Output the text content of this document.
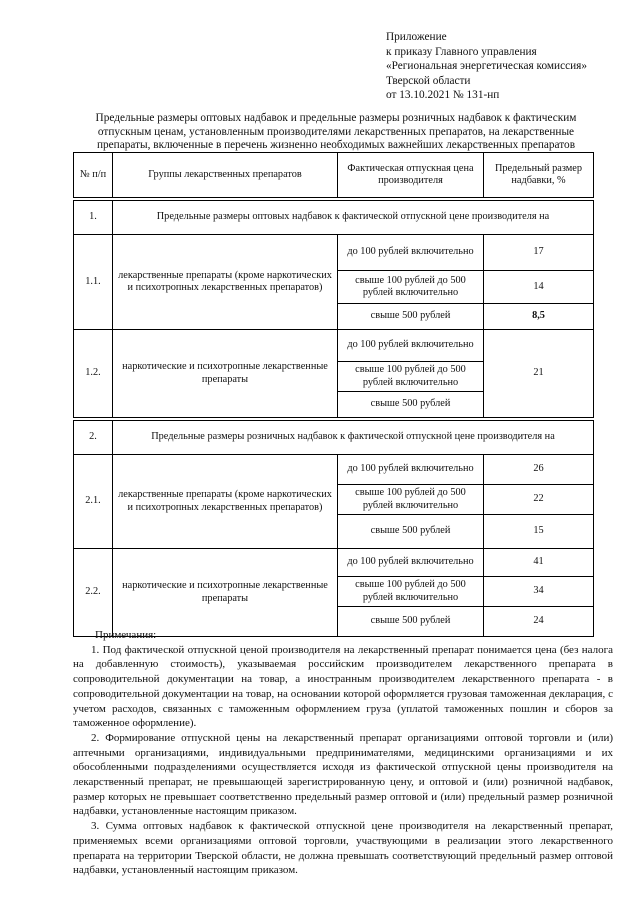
Приложение
к приказу Главного управления
«Региональная энергетическая комиссия»
Тверской области
от 13.10.2021 № 131-нп
Предельные размеры оптовых надбавок и предельные размеры розничных надбавок к фактическим
отпускным ценам, установленным производителями лекарственных препаратов, на лекарственные
препараты, включенные в перечень жизненно необходимых важнейших лекарственных препаратов
№ п/п	Группы лекарственных препаратов	Фактическая отпускная цена производителя	Предельный размер надбавки, %

1.	Предельные размеры оптовых надбавок к фактической отпускной цене производителя на		
1.1.	лекарственные препараты (кроме наркотических и психотропных лекарственных препаратов)	до 100 рублей включительно	17
		свыше 100 рублей до 500 рублей включительно	14
		свыше 500 рублей	8,5
1.2.	наркотические и психотропные лекарственные препараты	до 100 рублей включительно	21
		свыше 100 рублей до 500 рублей включительно	
		свыше 500 рублей	

2.	Предельные размеры розничных надбавок к фактической отпускной цене производителя на		
2.1.	лекарственные препараты (кроме наркотических и психотропных лекарственных препаратов)	до 100 рублей включительно	26
		свыше 100 рублей до 500 рублей включительно	22
		свыше 500 рублей	15
2.2.	наркотические и психотропные лекарственные препараты	до 100 рублей включительно	41
		свыше 100 рублей до 500 рублей включительно	34
		свыше 500 рублей	24

Примечания:

1. Под фактической отпускной ценой производителя на лекарственный препарат понимается цена (без налога на добавленную стоимость), указываемая российским производителем лекарственного препарата в сопроводительной документации на товар, а иностранным производителем лекарственного препарата - в сопроводительной документации на товар, на основании которой оформляется грузовая таможенная декларация, с учетом расходов, связанных с таможенным оформлением груза (уплатой таможенных пошлин и сборов за таможенное оформление).

2. Формирование отпускной цены на лекарственный препарат организациями оптовой торговли и (или) аптечными организациями, индивидуальными предпринимателями, медицинскими организациями и их обособленными подразделениями осуществляется исходя из фактической отпускной цены производителя на лекарственный препарат, не превышающей зарегистрированную цену, и оптовой и (или) розничной надбавок, размер которых не превышает соответственно предельный размер оптовой и (или) предельный размер розничной надбавки, установленные настоящим приказом.

3. Сумма оптовых надбавок к фактической отпускной цене производителя на лекарственный препарат, применяемых всеми организациями оптовой торговли, участвующими в реализации этого лекарственного препарата на территории Тверской области, не должна превышать соответствующий предельный размер оптовой надбавки, установленный настоящим приказом.
